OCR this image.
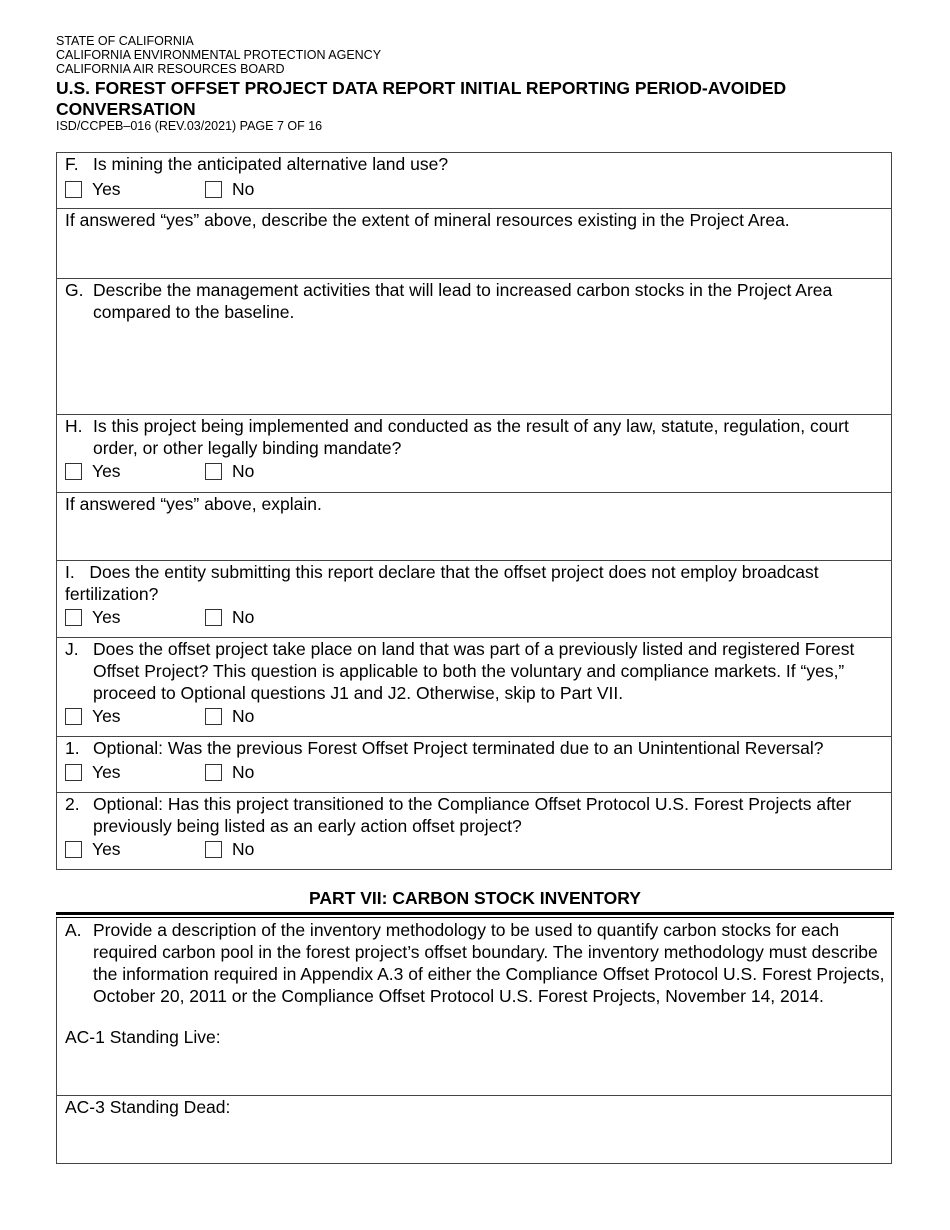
STATE OF CALIFORNIA
CALIFORNIA ENVIRONMENTAL PROTECTION AGENCY
CALIFORNIA AIR RESOURCES BOARD
U.S. FOREST OFFSET PROJECT DATA REPORT INITIAL REPORTING PERIOD-AVOIDED CONVERSATION
ISD/CCPEB–016 (REV.03/2021) PAGE 7 OF 16
F. Is mining the anticipated alternative land use?
Yes	No
If answered “yes” above, describe the extent of mineral resources existing in the Project Area.
G. Describe the management activities that will lead to increased carbon stocks in the Project Area compared to the baseline.
H. Is this project being implemented and conducted as the result of any law, statute, regulation, court order, or other legally binding mandate?
Yes	No
If answered “yes” above, explain.
I. Does the entity submitting this report declare that the offset project does not employ broadcast fertilization?
Yes	No
J. Does the offset project take place on land that was part of a previously listed and registered Forest Offset Project? This question is applicable to both the voluntary and compliance markets. If “yes,” proceed to Optional questions J1 and J2. Otherwise, skip to Part VII.
Yes	No
1. Optional: Was the previous Forest Offset Project terminated due to an Unintentional Reversal?
Yes	No
2. Optional: Has this project transitioned to the Compliance Offset Protocol U.S. Forest Projects after previously being listed as an early action offset project?
Yes	No
PART VII: CARBON STOCK INVENTORY
A. Provide a description of the inventory methodology to be used to quantify carbon stocks for each required carbon pool in the forest project’s offset boundary. The inventory methodology must describe the information required in Appendix A.3 of either the Compliance Offset Protocol U.S. Forest Projects, October 20, 2011 or the Compliance Offset Protocol U.S. Forest Projects, November 14, 2014.
AC-1 Standing Live:
AC-3 Standing Dead:
